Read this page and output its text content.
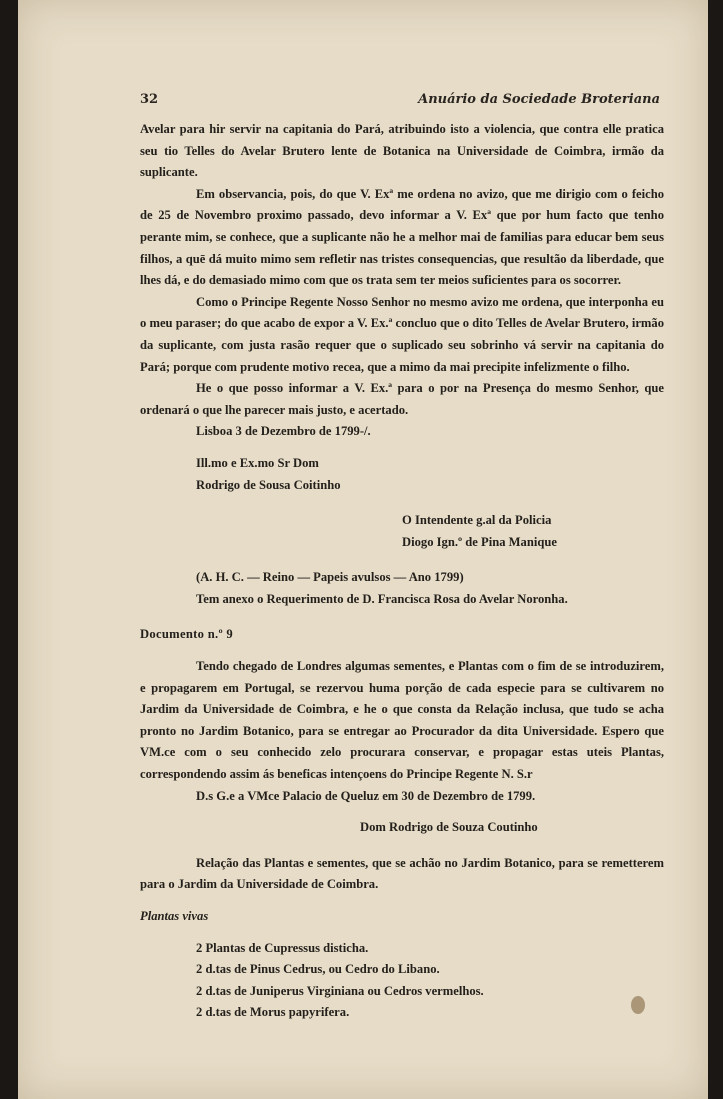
32	Anuário da Sociedade Broteriana

Avelar para hir servir na capitania do Pará, atribuindo isto a violencia, que contra elle pratica seu tio Telles do Avelar Brutero lente de Botanica na Universidade de Coimbra, irmão da suplicante.

Em observancia, pois, do que V. Exª me ordena no avizo, que me dirigio com o feicho de 25 de Novembro proximo passado, devo informar a V. Exª que por hum facto que tenho perante mim, se conhece, que a suplicante não he a melhor mai de familias para educar bem seus filhos, a quē dá muito mimo sem refletir nas tristes consequencias, que resultão da liberdade, que lhes dá, e do demasiado mimo com que os trata sem ter meios suficientes para os socorrer.

Como o Principe Regente Nosso Senhor no mesmo avizo me ordena, que interponha eu o meu paraser; do que acabo de expor a V. Ex.ª concluo que o dito Telles de Avelar Brutero, irmão da suplicante, com justa rasão requer que o suplicado seu sobrinho vá servir na capitania do Pará; porque com prudente motivo recea, que a mimo da mai precipite infelizmente o filho.

He o que posso informar a V. Ex.ª para o por na Presença do mesmo Senhor, que ordenará o que lhe parecer mais justo, e acertado.

Lisboa 3 de Dezembro de 1799-/.

Ill.mo e Ex.mo Sr Dom

Rodrigo de Sousa Coitinho

O Intendente g.al da Policia
Diogo Ign.º de Pina Manique

(A. H. C. — Reino — Papeis avulsos — Ano 1799)

Tem anexo o Requerimento de D. Francisca Rosa do Avelar Noronha.

Documento n.º 9

Tendo chegado de Londres algumas sementes, e Plantas com o fim de se introduzirem, e propagarem em Portugal, se rezervou huma porção de cada especie para se cultivarem no Jardim da Universidade de Coimbra, e he o que consta da Relação inclusa, que tudo se acha pronto no Jardim Botanico, para se entregar ao Procurador da dita Universidade. Espero que VM.ce com o seu conhecido zelo procurara conservar, e propagar estas uteis Plantas, correspondendo assim ás beneficas intençoens do Principe Regente N. S.r

D.s G.e a VMce Palacio de Queluz em 30 de Dezembro de 1799.

Dom Rodrigo de Souza Coutinho

Relação das Plantas e sementes, que se achão no Jardim Botanico, para se remetterem para o Jardim da Universidade de Coimbra.

Plantas vivas

2 Plantas de Cupressus disticha.
2 d.tas de Pinus Cedrus, ou Cedro do Libano.
2 d.tas de Juniperus Virginiana ou Cedros vermelhos.
2 d.tas de Morus papyrifera.
